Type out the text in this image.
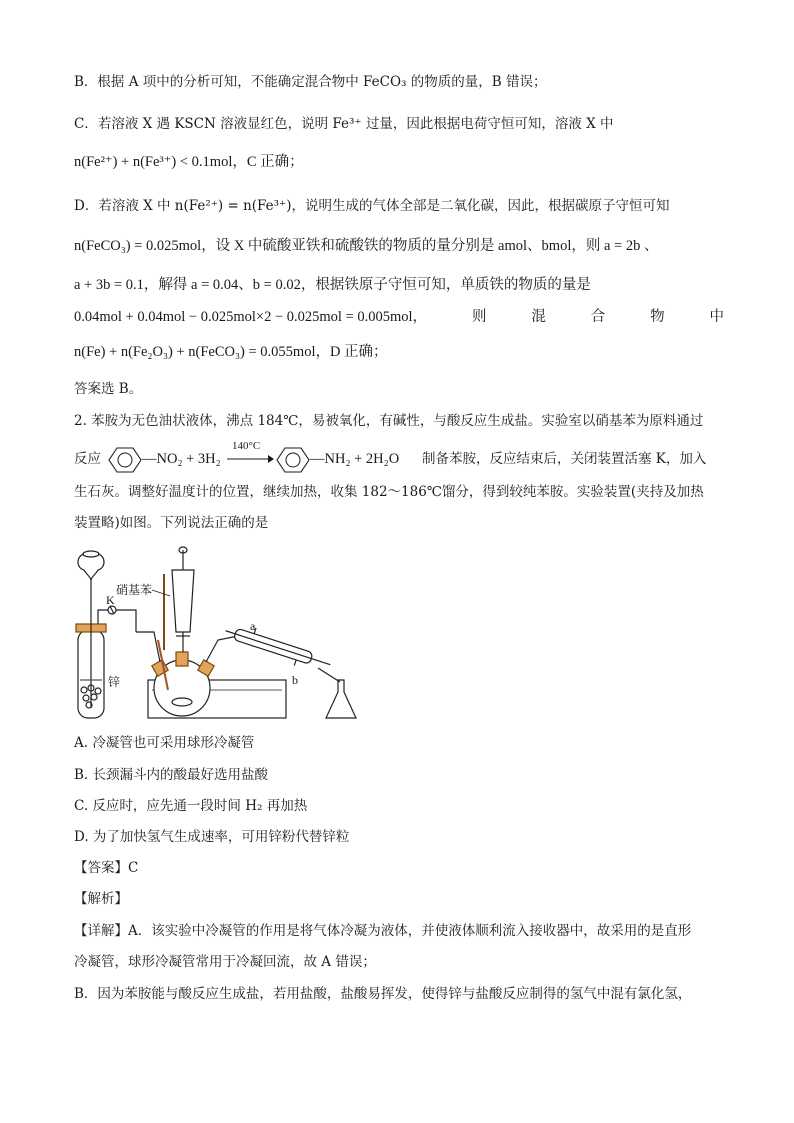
B．根据 A 项中的分析可知，不能确定混合物中 FeCO₃ 的物质的量，B 错误；
C．若溶液 X 遇 KSCN 溶液显红色，说明 Fe³⁺ 过量，因此根据电荷守恒可知，溶液 X 中
n(Fe²⁺) + n(Fe³⁺) < 0.1mol，C 正确；
D．若溶液 X 中 n(Fe²⁺) = n(Fe³⁺)，说明生成的气体全部是二氧化碳，因此，根据碳原子守恒可知
n(FeCO₃) = 0.025mol，设 X 中硫酸亚铁和硫酸铁的物质的量分别是 amol、bmol，则 a = 2b 、
a + 3b = 0.1，解得 a = 0.04、b = 0.02，根据铁原子守恒可知，单质铁的物质的量是
0.04mol + 0.04mol − 0.025mol×2 − 0.025mol = 0.005mol，	则	混	合	物	中
n(Fe) + n(Fe₂O₃) + n(FeCO₃) = 0.055mol，D 正确；
答案选 B。
2. 苯胺为无色油状液体，沸点 184℃，易被氧化，有碱性，与酸反应生成盐。实验室以硝基苯为原料通过
反应	—NO₂ + 3H₂
140°C
—NH₂ + 2H₂O 制备苯胺，反应结束后，关闭装置活塞 K，加入
生石灰。调整好温度计的位置，继续加热，收集 182～186℃馏分，得到较纯苯胺。实验装置(夹持及加热
装置略)如图。下列说法正确的是
硝基苯
K
锌
a
b
A. 冷凝管也可采用球形冷凝管
B. 长颈漏斗内的酸最好选用盐酸
C. 反应时，应先通一段时间 H₂ 再加热
D. 为了加快氢气生成速率，可用锌粉代替锌粒
【答案】C
【解析】
【详解】A．该实验中冷凝管的作用是将气体冷凝为液体，并使液体顺利流入接收器中，故采用的是直形
冷凝管，球形冷凝管常用于冷凝回流，故 A 错误；
B．因为苯胺能与酸反应生成盐，若用盐酸，盐酸易挥发，使得锌与盐酸反应制得的氢气中混有氯化氢，
